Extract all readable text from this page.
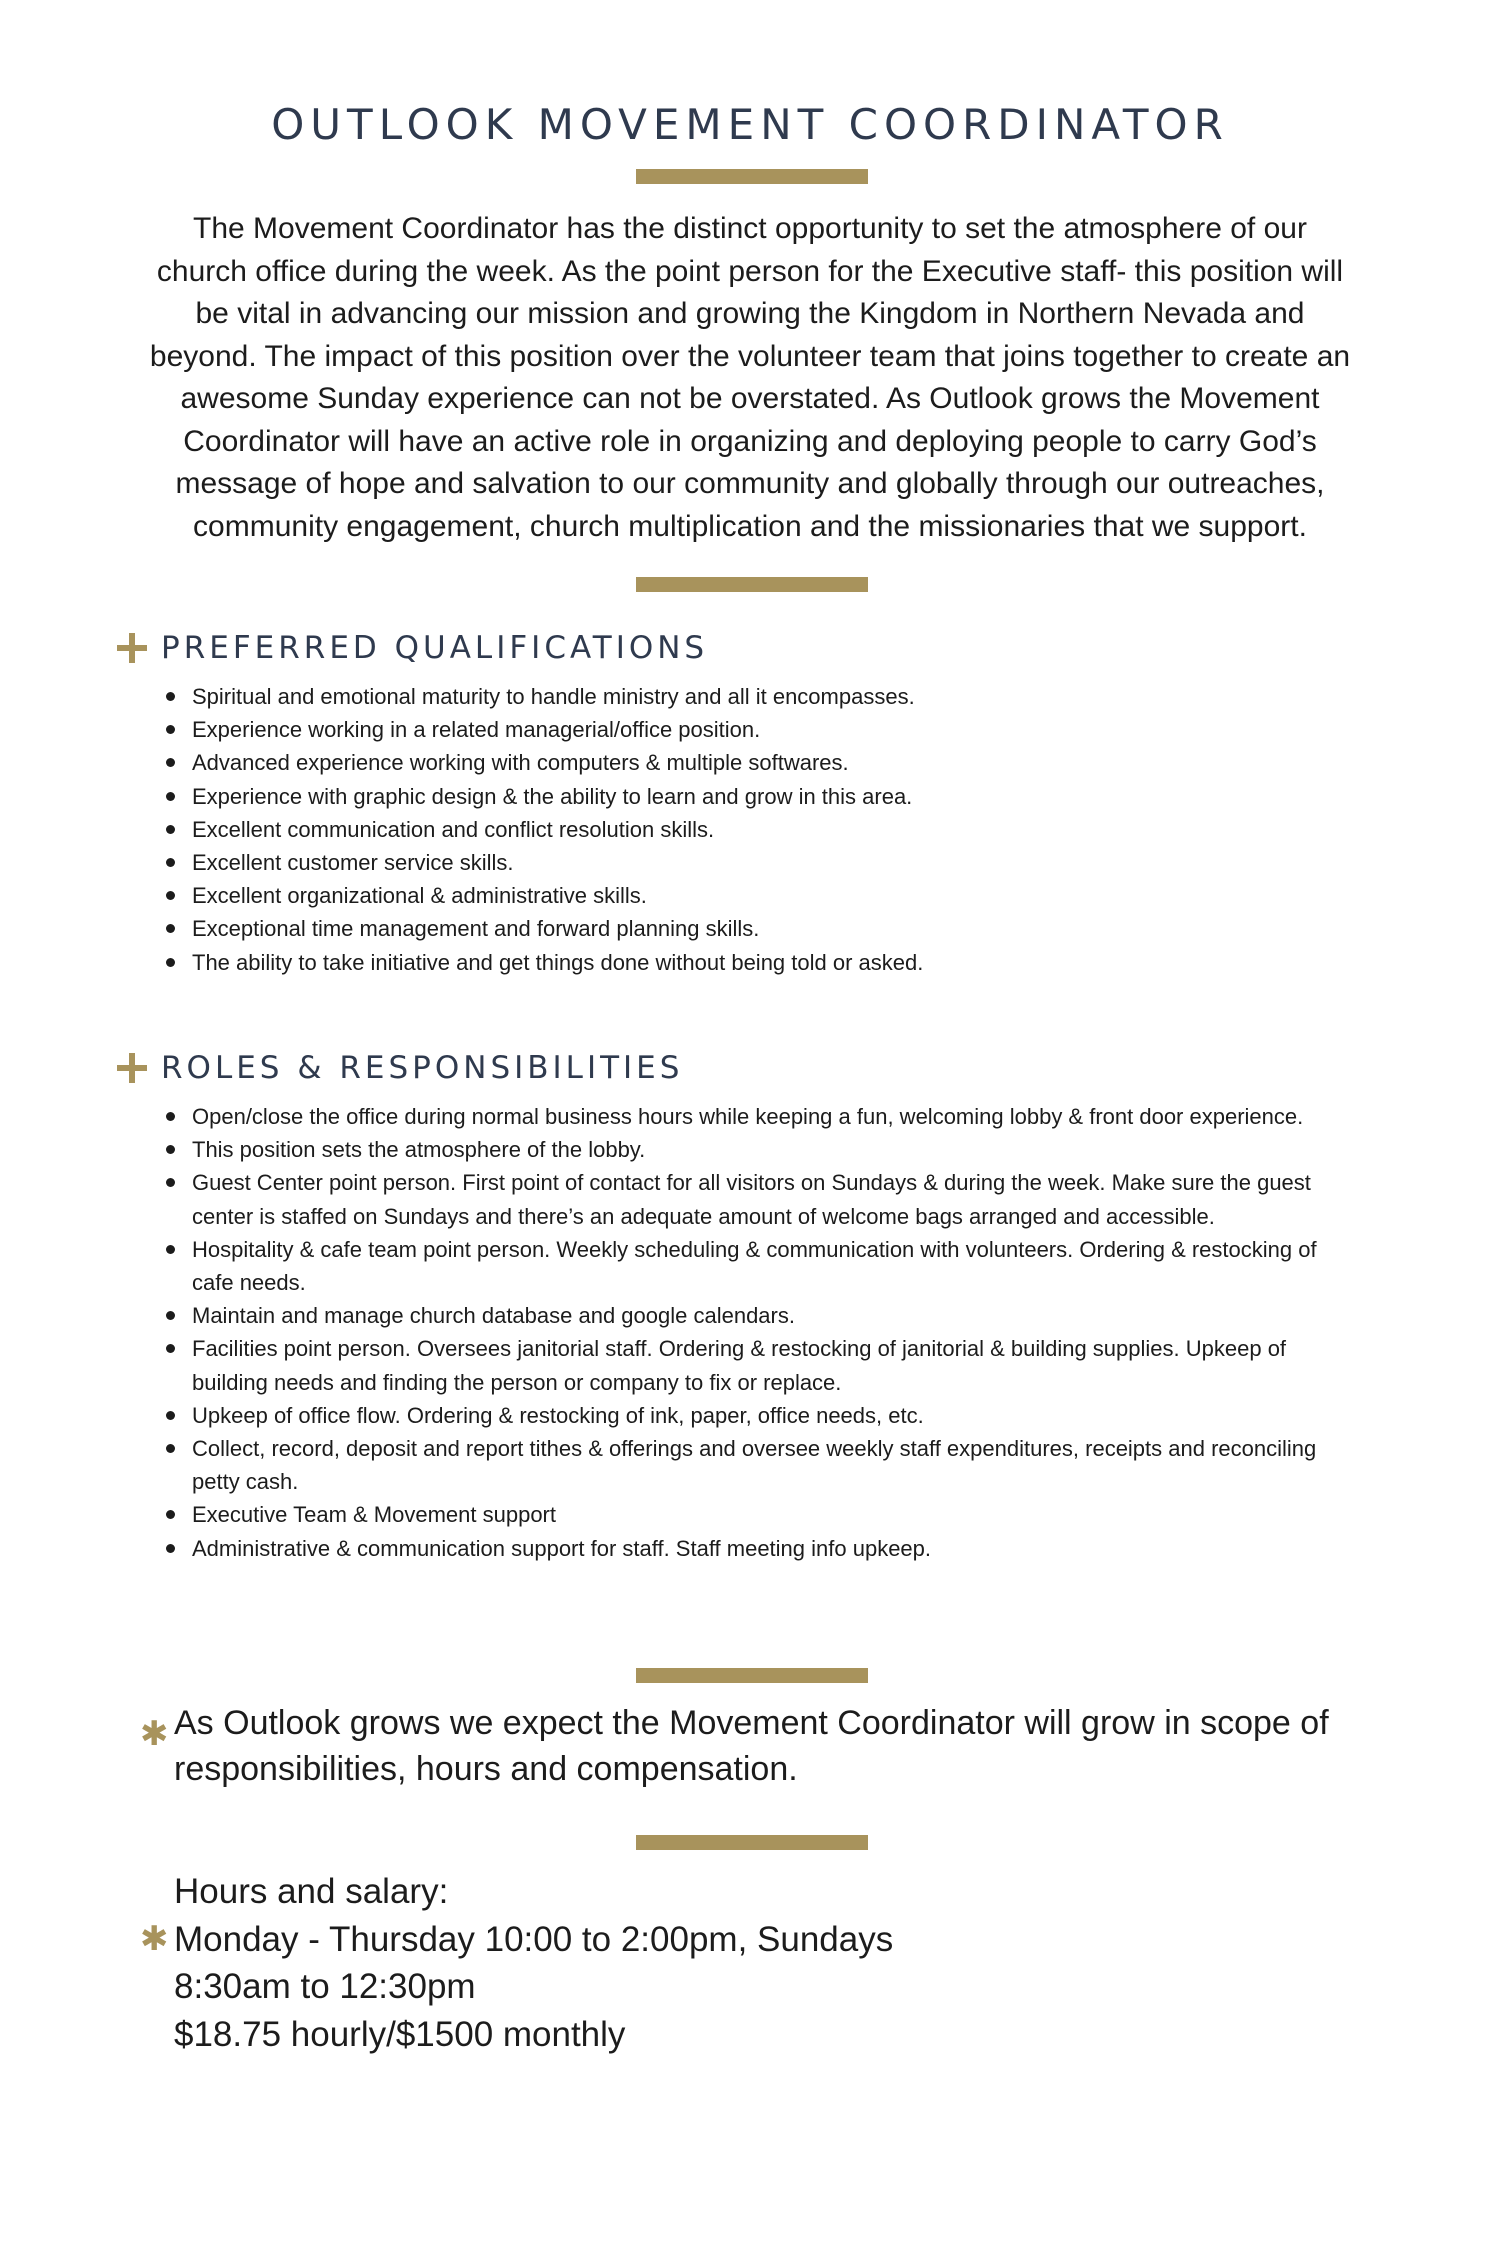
OUTLOOK MOVEMENT COORDINATOR
The Movement Coordinator has the distinct opportunity to set the atmosphere of our church office during the week. As the point person for the Executive staff- this position will be vital in advancing our mission and growing the Kingdom in Northern Nevada and beyond. The impact of this position over the volunteer team that joins together to create an awesome Sunday experience can not be overstated. As Outlook grows the Movement Coordinator will have an active role in organizing and deploying people to carry God’s message of hope and salvation to our community and globally through our outreaches, community engagement, church multiplication and the missionaries that we support.
PREFERRED QUALIFICATIONS
Spiritual and emotional maturity to handle ministry and all it encompasses.
Experience working in a related managerial/office position.
Advanced experience working with computers & multiple softwares.
Experience with graphic design & the ability to learn and grow in this area.
Excellent communication and conflict resolution skills.
Excellent customer service skills.
Excellent organizational & administrative skills.
Exceptional time management and forward planning skills.
The ability to take initiative and get things done without being told or asked.
ROLES & RESPONSIBILITIES
Open/close the office during normal business hours while keeping a fun, welcoming lobby & front door experience.
This position sets the atmosphere of the lobby.
Guest Center point person. First point of contact for all visitors on Sundays & during the week. Make sure the guest center is staffed on Sundays and there’s an adequate amount of welcome bags arranged and accessible.
Hospitality & cafe team point person. Weekly scheduling & communication with volunteers. Ordering & restocking of cafe needs.
Maintain and manage church database and google calendars.
Facilities point person. Oversees janitorial staff. Ordering & restocking of janitorial & building supplies. Upkeep of building needs and finding the person or company to fix or replace.
Upkeep of office flow. Ordering & restocking of ink, paper, office needs, etc.
Collect, record, deposit and report tithes & offerings and oversee weekly staff expenditures, receipts and reconciling petty cash.
Executive Team & Movement support
Administrative & communication support for staff. Staff meeting info upkeep.
✱ As Outlook grows we expect the Movement Coordinator will grow in scope of responsibilities, hours and compensation.
✱
Hours and salary:
Monday - Thursday 10:00 to 2:00pm, Sundays
8:30am to 12:30pm
$18.75 hourly/$1500 monthly
